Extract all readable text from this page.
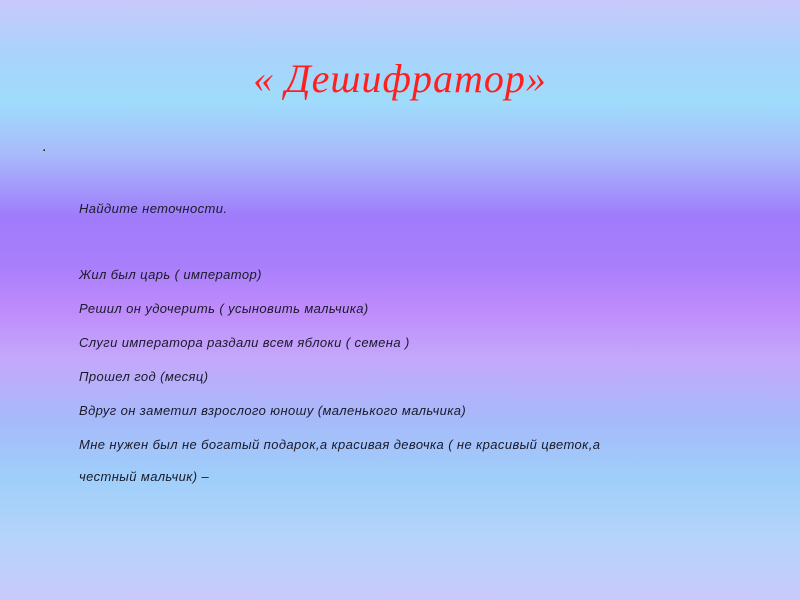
« Дешифратор»
.
Найдите неточности.
Жил был царь ( император)
Решил он удочерить ( усыновить мальчика)
Слуги императора раздали всем яблоки ( семена )
Прошел год (месяц)
Вдруг он заметил взрослого юношу (маленького мальчика)
Мне нужен был не богатый подарок,а красивая девочка ( не красивый цветок,а
честный мальчик) –
